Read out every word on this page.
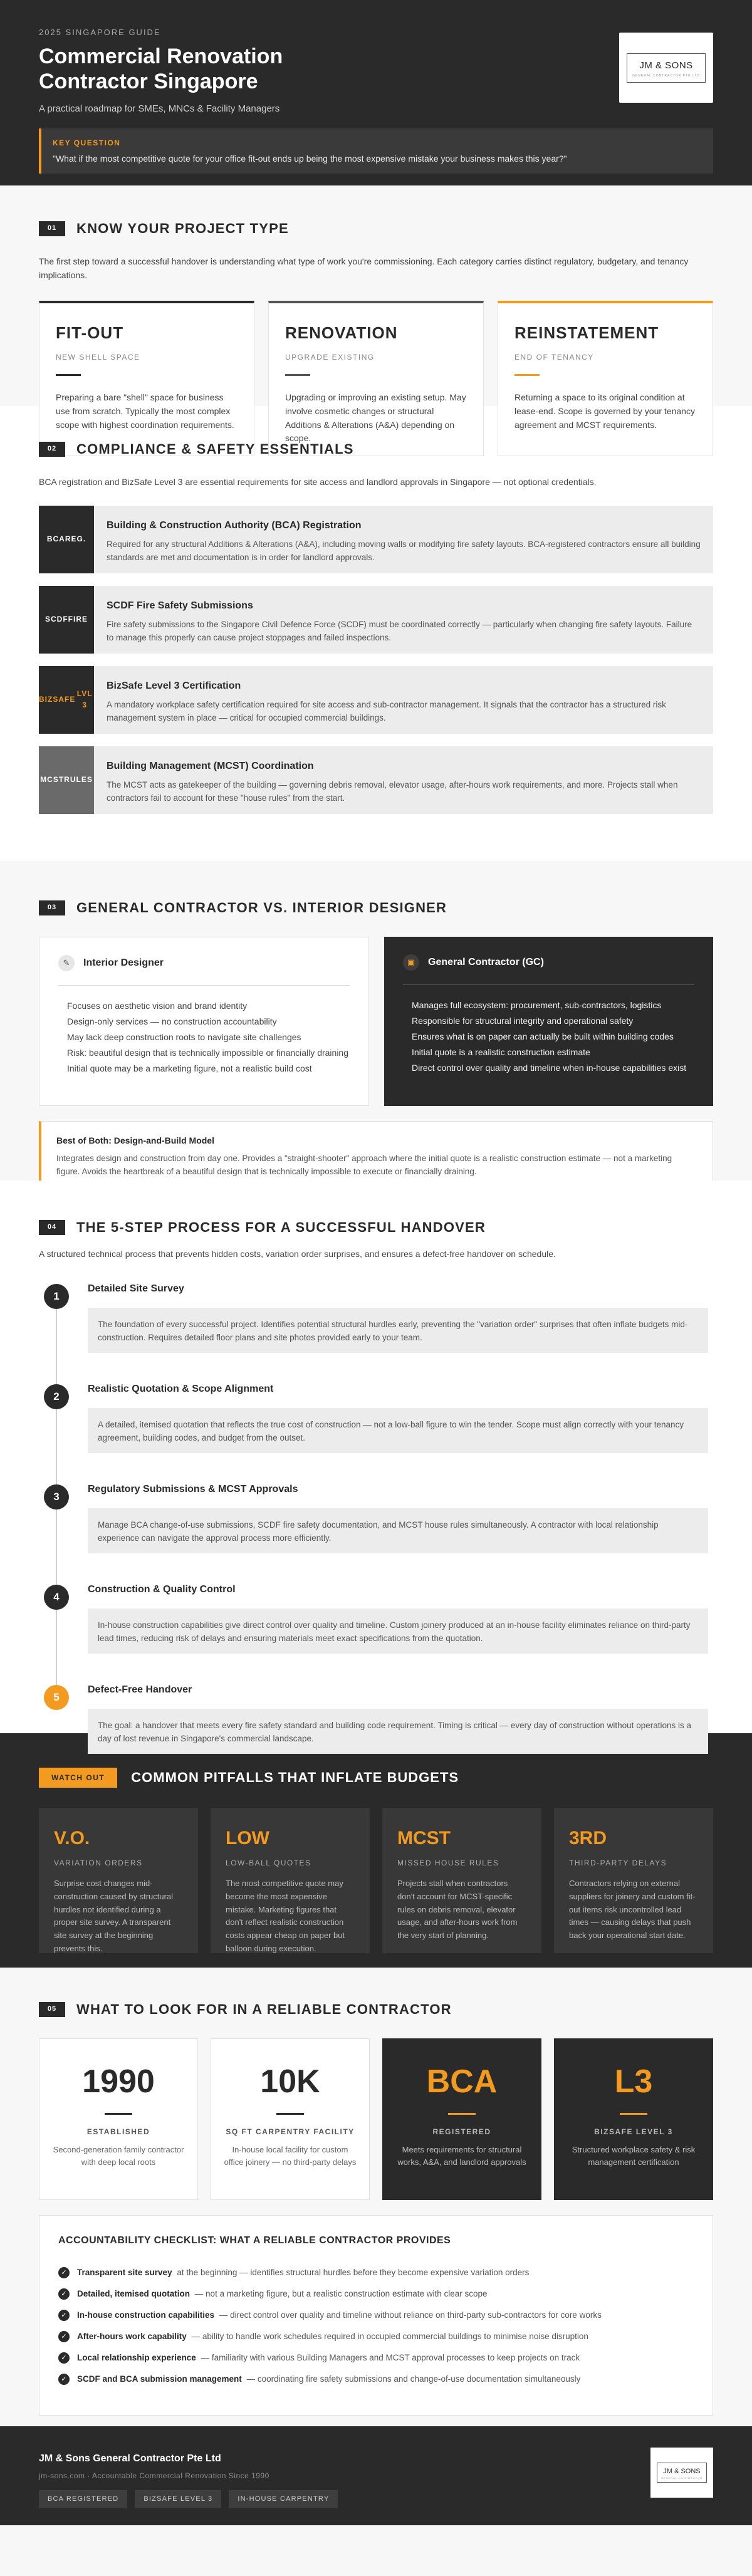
2025 SINGAPORE GUIDE
Commercial Renovation Contractor Singapore
A practical roadmap for SMEs, MNCs & Facility Managers
JM & SONS
GENERAL CONTRACTOR PTE LTD
KEY QUESTION
"What if the most competitive quote for your office fit-out ends up being the most expensive mistake your business makes this year?"
01	KNOW YOUR PROJECT TYPE

The first step toward a successful handover is understanding what type of work you're commissioning. Each category carries distinct regulatory, budgetary, and tenancy implications.

FIT-OUT
NEW SHELL SPACE

Preparing a bare "shell" space for business use from scratch. Typically the most complex scope with highest coordination requirements.

RENOVATION
UPGRADE EXISTING

Upgrading or improving an existing setup. May involve cosmetic changes or structural Additions & Alterations (A&A) depending on scope.

REINSTATEMENT
END OF TENANCY

Returning a space to its original condition at lease-end. Scope is governed by your tenancy agreement and MCST requirements.

02	COMPLIANCE & SAFETY ESSENTIALS

BCA registration and BizSafe Level 3 are essential requirements for site access and landlord approvals in Singapore — not optional credentials.

BCA REG.
Building & Construction Authority (BCA) Registration

Required for any structural Additions & Alterations (A&A), including moving walls or modifying fire safety layouts. BCA-registered contractors ensure all building standards are met and documentation is in order for landlord approvals.

SCDF FIRE
SCDF Fire Safety Submissions

Fire safety submissions to the Singapore Civil Defence Force (SCDF) must be coordinated correctly — particularly when changing fire safety layouts. Failure to manage this properly can cause project stoppages and failed inspections.

BIZSAFE

LVL 3
BizSafe Level 3 Certification

A mandatory workplace safety certification required for site access and sub-contractor management. It signals that the contractor has a structured risk management system in place — critical for occupied commercial buildings.

MCST RULES
Building Management (MCST) Coordination

The MCST acts as gatekeeper of the building — governing debris removal, elevator usage, after-hours work requirements, and more. Projects stall when contractors fail to account for these "house rules" from the start.

03	GENERAL CONTRACTOR VS. INTERIOR DESIGNER
✎	Interior Designer
Focuses on aesthetic vision and brand identity
Design-only services — no construction accountability
May lack deep construction roots to navigate site challenges
Risk: beautiful design that is technically impossible or financially draining
Initial quote may be a marketing figure, not a realistic build cost
▣	General Contractor (GC)
Manages full ecosystem: procurement, sub-contractors, logistics
Responsible for structural integrity and operational safety
Ensures what is on paper can actually be built within building codes
Initial quote is a realistic construction estimate
Direct control over quality and timeline when in-house capabilities exist
Best of Both: Design-and-Build Model

Integrates design and construction from day one. Provides a "straight-shooter" approach where the initial quote is a realistic construction estimate — not a marketing figure. Avoids the heartbreak of a beautiful design that is technically impossible to execute or financially draining.

04	THE 5-STEP PROCESS FOR A SUCCESSFUL HANDOVER

A structured technical process that prevents hidden costs, variation order surprises, and ensures a defect-free handover on schedule.

1
Detailed Site Survey
The foundation of every successful project. Identifies potential structural hurdles early, preventing the "variation order" surprises that often inflate budgets mid-construction. Requires detailed floor plans and site photos provided early to your team.
2
Realistic Quotation & Scope Alignment
A detailed, itemised quotation that reflects the true cost of construction — not a low-ball figure to win the tender. Scope must align correctly with your tenancy agreement, building codes, and budget from the outset.
3
Regulatory Submissions & MCST Approvals
Manage BCA change-of-use submissions, SCDF fire safety documentation, and MCST house rules simultaneously. A contractor with local relationship experience can navigate the approval process more efficiently.
4
Construction & Quality Control
In-house construction capabilities give direct control over quality and timeline. Custom joinery produced at an in-house facility eliminates reliance on third-party lead times, reducing risk of delays and ensuring materials meet exact specifications from the quotation.
5
Defect-Free Handover
The goal: a handover that meets every fire safety standard and building code requirement. Timing is critical — every day of construction without operations is a day of lost revenue in Singapore's commercial landscape.
WATCH OUT	COMMON PITFALLS THAT INFLATE BUDGETS
V.O.
VARIATION ORDERS

Surprise cost changes mid-construction caused by structural hurdles not identified during a proper site survey. A transparent site survey at the beginning prevents this.

LOW
LOW-BALL QUOTES

The most competitive quote may become the most expensive mistake. Marketing figures that don't reflect realistic construction costs appear cheap on paper but balloon during execution.

MCST
MISSED HOUSE RULES

Projects stall when contractors don't account for MCST-specific rules on debris removal, elevator usage, and after-hours work from the very start of planning.

3RD
THIRD-PARTY DELAYS

Contractors relying on external suppliers for joinery and custom fit-out items risk uncontrolled lead times — causing delays that push back your operational start date.

05	WHAT TO LOOK FOR IN A RELIABLE CONTRACTOR
1990
ESTABLISHED
Second-generation family contractor with deep local roots
10K
SQ FT CARPENTRY FACILITY
In-house local facility for custom office joinery — no third-party delays
BCA
REGISTERED
Meets requirements for structural works, A&A, and landlord approvals
L3
BIZSAFE LEVEL 3
Structured workplace safety & risk management certification
ACCOUNTABILITY CHECKLIST: WHAT A RELIABLE CONTRACTOR PROVIDES
✓	Transparent site survey at the beginning — identifies structural hurdles before they become expensive variation orders
✓	Detailed, itemised quotation — not a marketing figure, but a realistic construction estimate with clear scope
✓	In-house construction capabilities — direct control over quality and timeline without reliance on third-party sub-contractors for core works
✓	After-hours work capability — ability to handle work schedules required in occupied commercial buildings to minimise noise disruption
✓	Local relationship experience — familiarity with various Building Managers and MCST approval processes to keep projects on track
✓	SCDF and BCA submission management — coordinating fire safety submissions and change-of-use documentation simultaneously
JM & Sons General Contractor Pte Ltd
jm-sons.com · Accountable Commercial Renovation Since 1990
BCA REGISTERED	BIZSAFE LEVEL 3	IN-HOUSE CARPENTRY
JM & SONS
GENERAL CONTRACTOR
